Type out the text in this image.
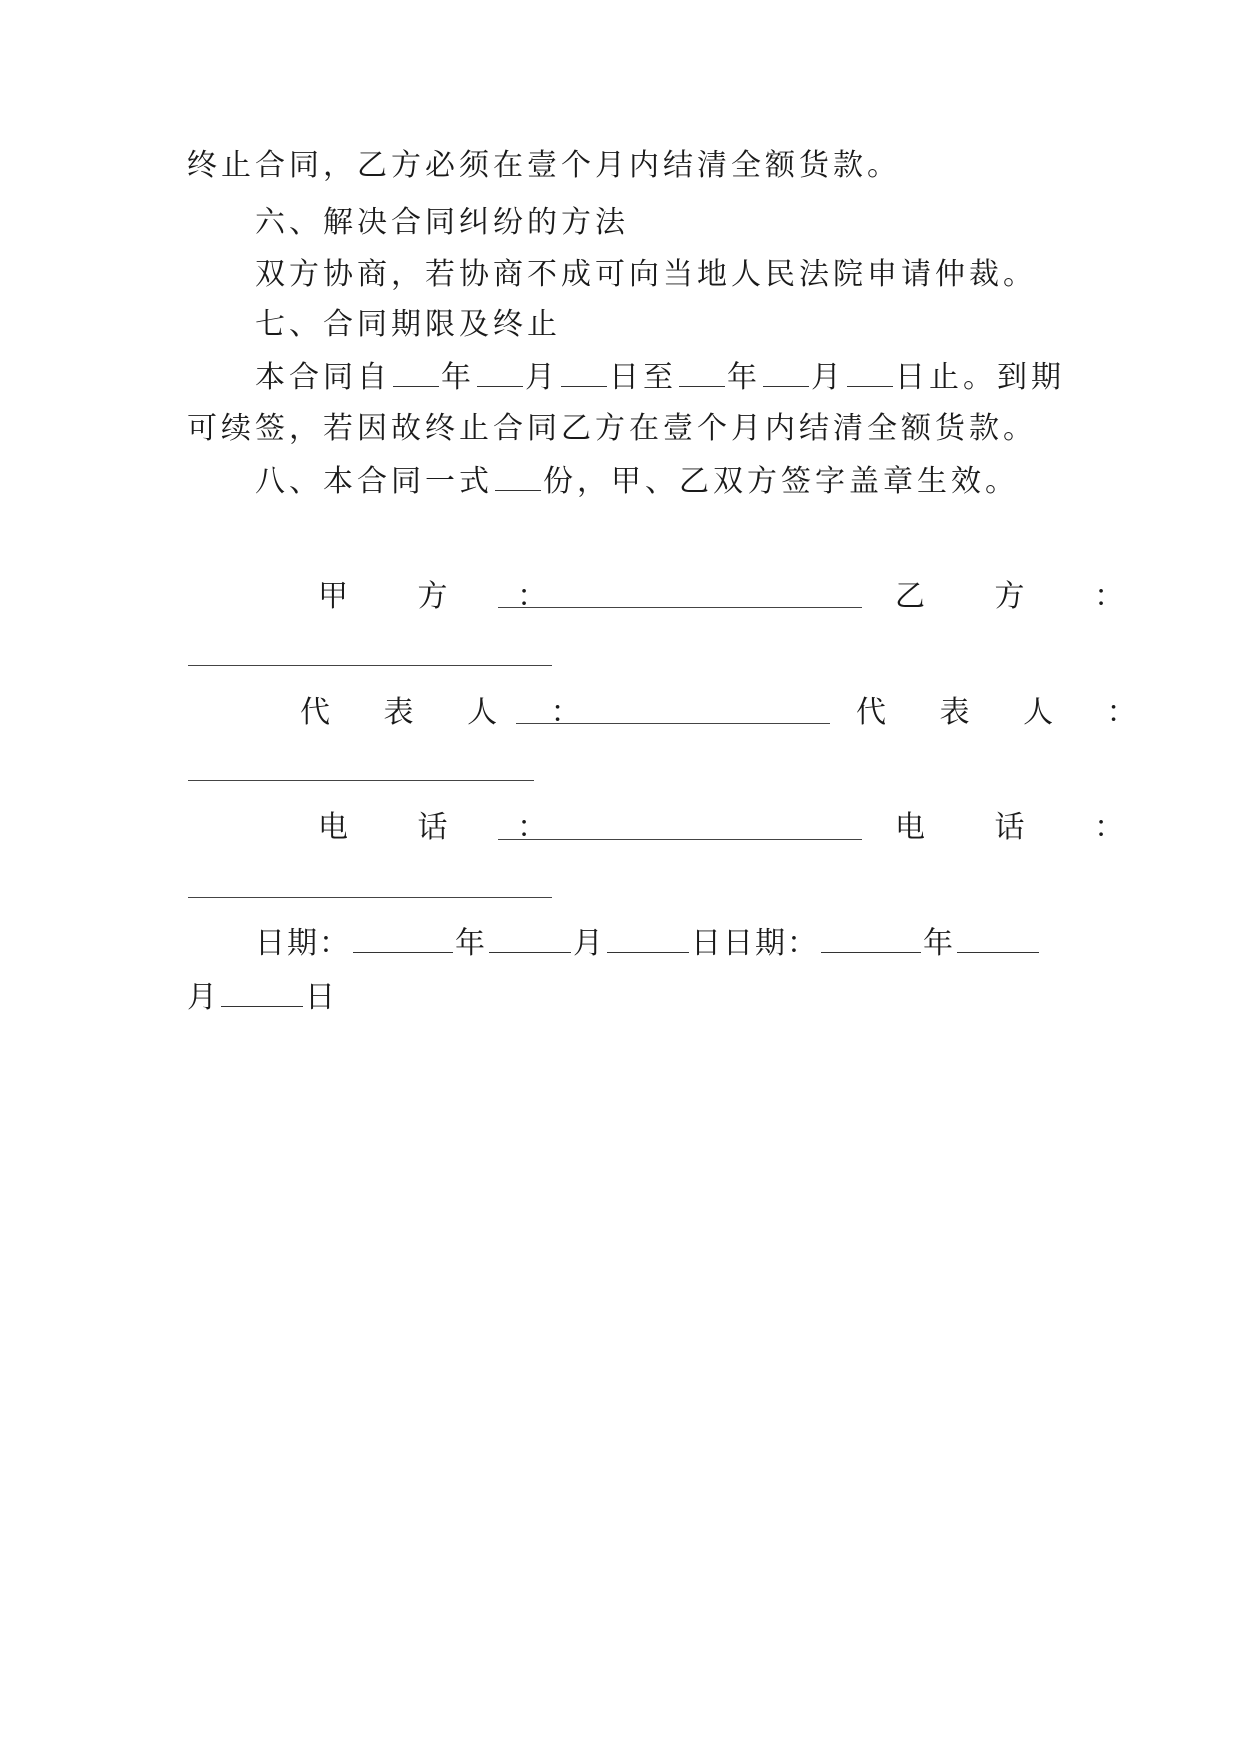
终止合同，乙方必须在壹个月内结清全额货款。
六、解决合同纠纷的方法
双方协商，若协商不成可向当地人民法院申请仲裁。
七、合同期限及终止
本合同自 年 月 日至 年 月 日止。到期
可续签，若因故终止合同乙方在壹个月内结清全额货款。
八、本合同一式 份，甲、乙双方签字盖章生效。
甲 方 ：	乙 方 ：
代 表 人 ：	代 表 人 ：
电 话 ：	电 话 ：
日期：	年	月	日日期：	年
月	日
